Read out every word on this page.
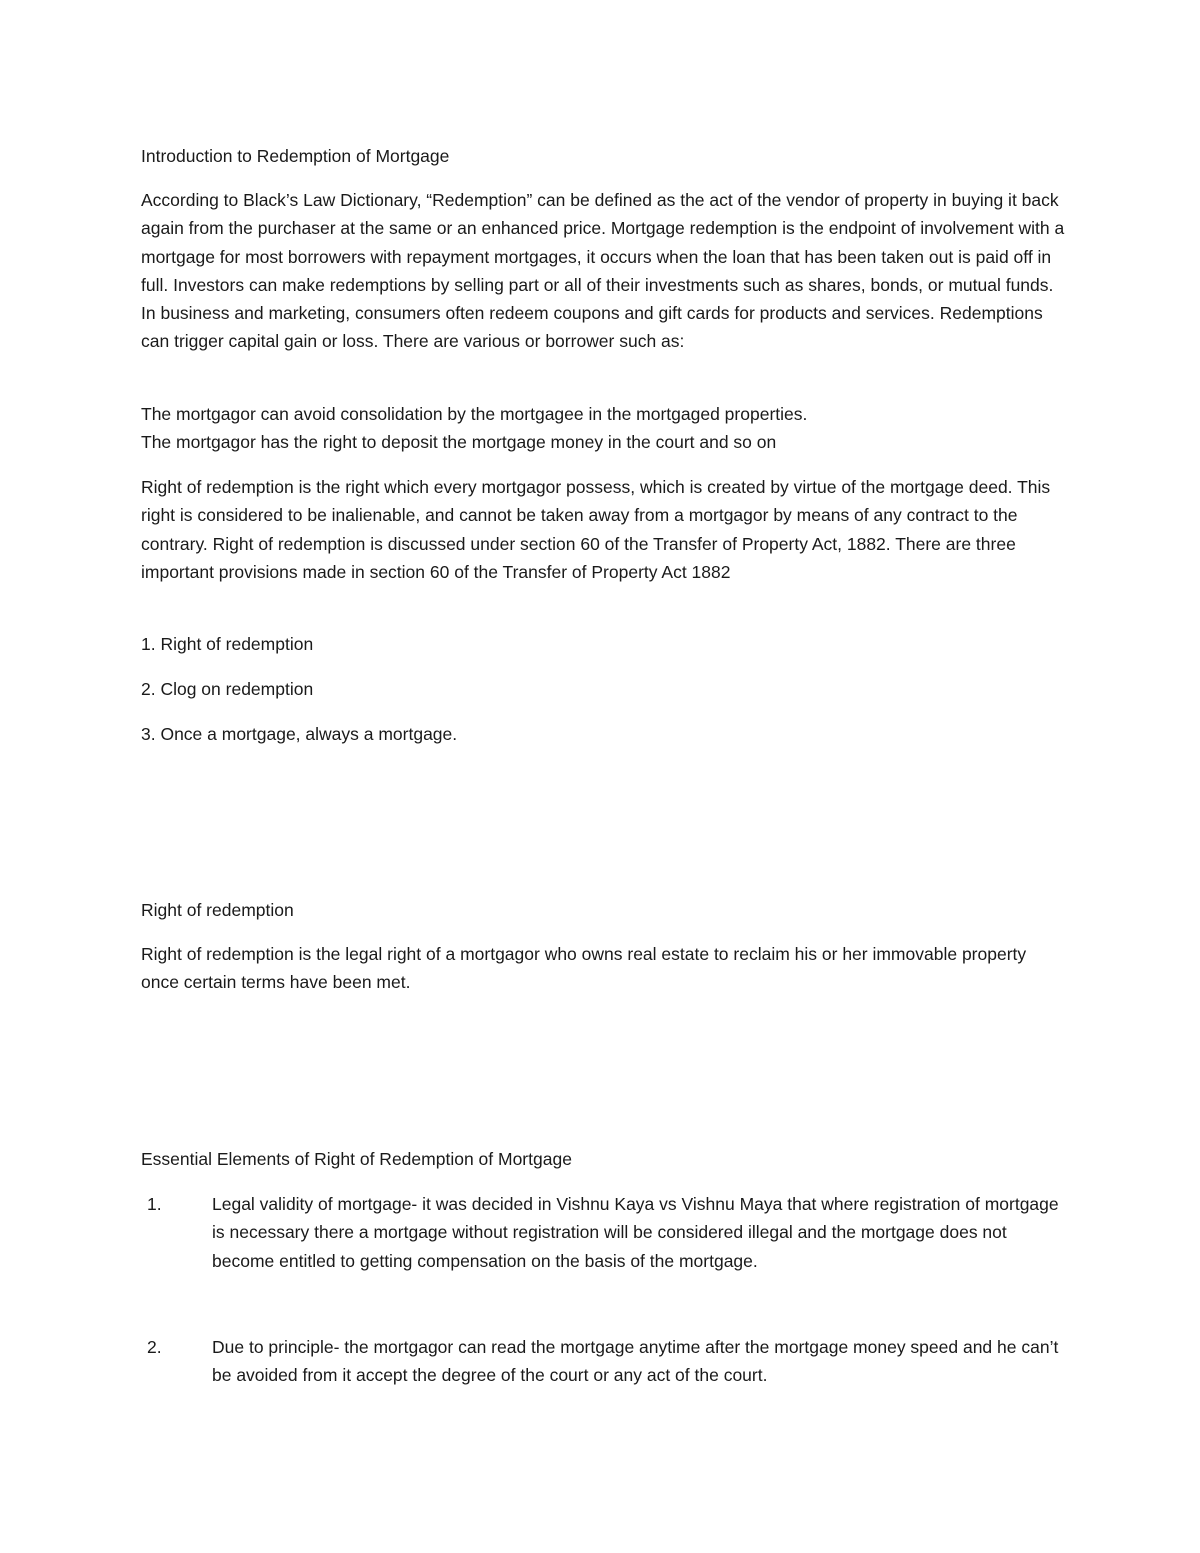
Introduction to Redemption of Mortgage

According to Black’s Law Dictionary, “Redemption” can be defined as the act of the vendor of property in buying it back again from the purchaser at the same or an enhanced price. Mortgage redemption is the endpoint of involvement with a mortgage for most borrowers with repayment mortgages, it occurs when the loan that has been taken out is paid off in full. Investors can make redemptions by selling part or all of their investments such as shares, bonds, or mutual funds. In business and marketing, consumers often redeem coupons and gift cards for products and services. Redemptions can trigger capital gain or loss. There are various or borrower such as:

The mortgagor can avoid consolidation by the mortgagee in the mortgaged properties.

The mortgagor has the right to deposit the mortgage money in the court and so on

Right of redemption is the right which every mortgagor possess, which is created by virtue of the mortgage deed. This right is considered to be inalienable, and cannot be taken away from a mortgagor by means of any contract to the contrary. Right of redemption is discussed under section 60 of the Transfer of Property Act, 1882. There are three important provisions made in section 60 of the Transfer of Property Act 1882

1. Right of redemption

2. Clog on redemption

3. Once a mortgage, always a mortgage.

Right of redemption

Right of redemption is the legal right of a mortgagor who owns real estate to reclaim his or her immovable property once certain terms have been met.

Essential Elements of Right of Redemption of Mortgage

1.	Legal validity of mortgage- it was decided in Vishnu Kaya vs Vishnu Maya that where registration of mortgage is necessary there a mortgage without registration will be considered illegal and the mortgage does not become entitled to getting compensation on the basis of the mortgage.
2.	Due to principle- the mortgagor can read the mortgage anytime after the mortgage money speed and he can’t be avoided from it accept the degree of the court or any act of the court.
